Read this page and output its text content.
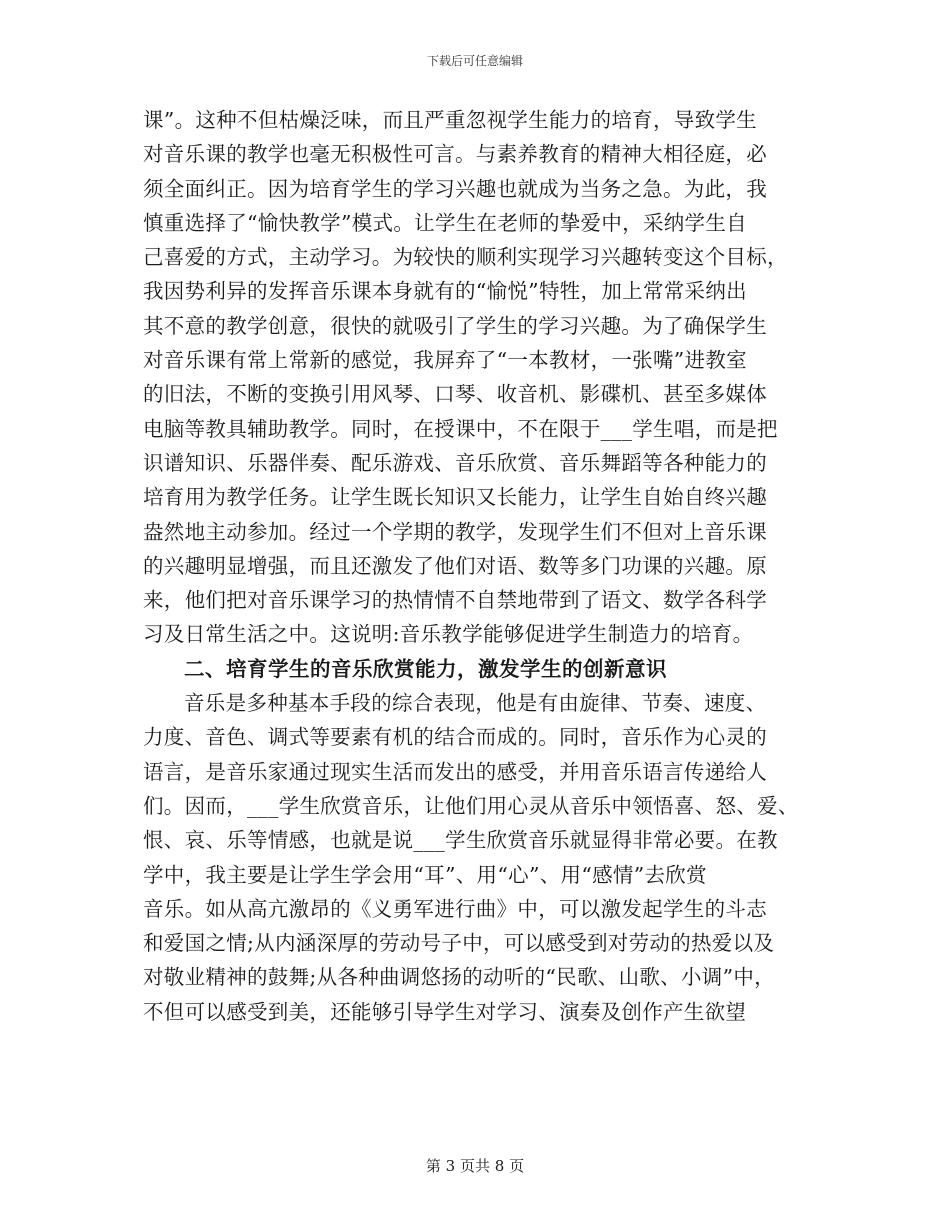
下载后可任意编辑
课”。这种不但枯燥泛味，而且严重忽视学生能力的培育，导致学生
对音乐课的教学也毫无积极性可言。与素养教育的精神大相径庭，必
须全面纠正。因为培育学生的学习兴趣也就成为当务之急。为此，我
慎重选择了“愉快教学”模式。让学生在老师的挚爱中，采纳学生自
己喜爱的方式，主动学习。为较快的顺利实现学习兴趣转变这个目标，
我因势利异的发挥音乐课本身就有的“愉悦”特牲，加上常常采纳出
其不意的教学创意，很快的就吸引了学生的学习兴趣。为了确保学生
对音乐课有常上常新的感觉，我屏弃了“一本教材，一张嘴”进教室
的旧法，不断的变换引用风琴、口琴、收音机、影碟机、甚至多媒体
电脑等教具辅助教学。同时，在授课中，不在限于___学生唱，而是把
识谱知识、乐器伴奏、配乐游戏、音乐欣赏、音乐舞蹈等各种能力的
培育用为教学任务。让学生既长知识又长能力，让学生自始自终兴趣
盎然地主动参加。经过一个学期的教学，发现学生们不但对上音乐课
的兴趣明显增强，而且还激发了他们对语、数等多门功课的兴趣。原
来，他们把对音乐课学习的热情情不自禁地带到了语文、数学各科学
习及日常生活之中。这说明:音乐教学能够促进学生制造力的培育。
二、培育学生的音乐欣赏能力，激发学生的创新意识
音乐是多种基本手段的综合表现，他是有由旋律、节奏、速度、
力度、音色、调式等要素有机的结合而成的。同时，音乐作为心灵的
语言，是音乐家通过现实生活而发出的感受，并用音乐语言传递给人
们。因而，___学生欣赏音乐，让他们用心灵从音乐中领悟喜、怒、爱、
恨、哀、乐等情感，也就是说___学生欣赏音乐就显得非常必要。在教
学中，我主要是让学生学会用“耳”、用“心”、用“感情”去欣赏
音乐。如从高亢激昂的《义勇军进行曲》中，可以激发起学生的斗志
和爱国之情;从内涵深厚的劳动号子中，可以感受到对劳动的热爱以及
对敬业精神的鼓舞;从各种曲调悠扬的动听的“民歌、山歌、小调”中，
不但可以感受到美，还能够引导学生对学习、演奏及创作产生欲望
第 3 页共 8 页
